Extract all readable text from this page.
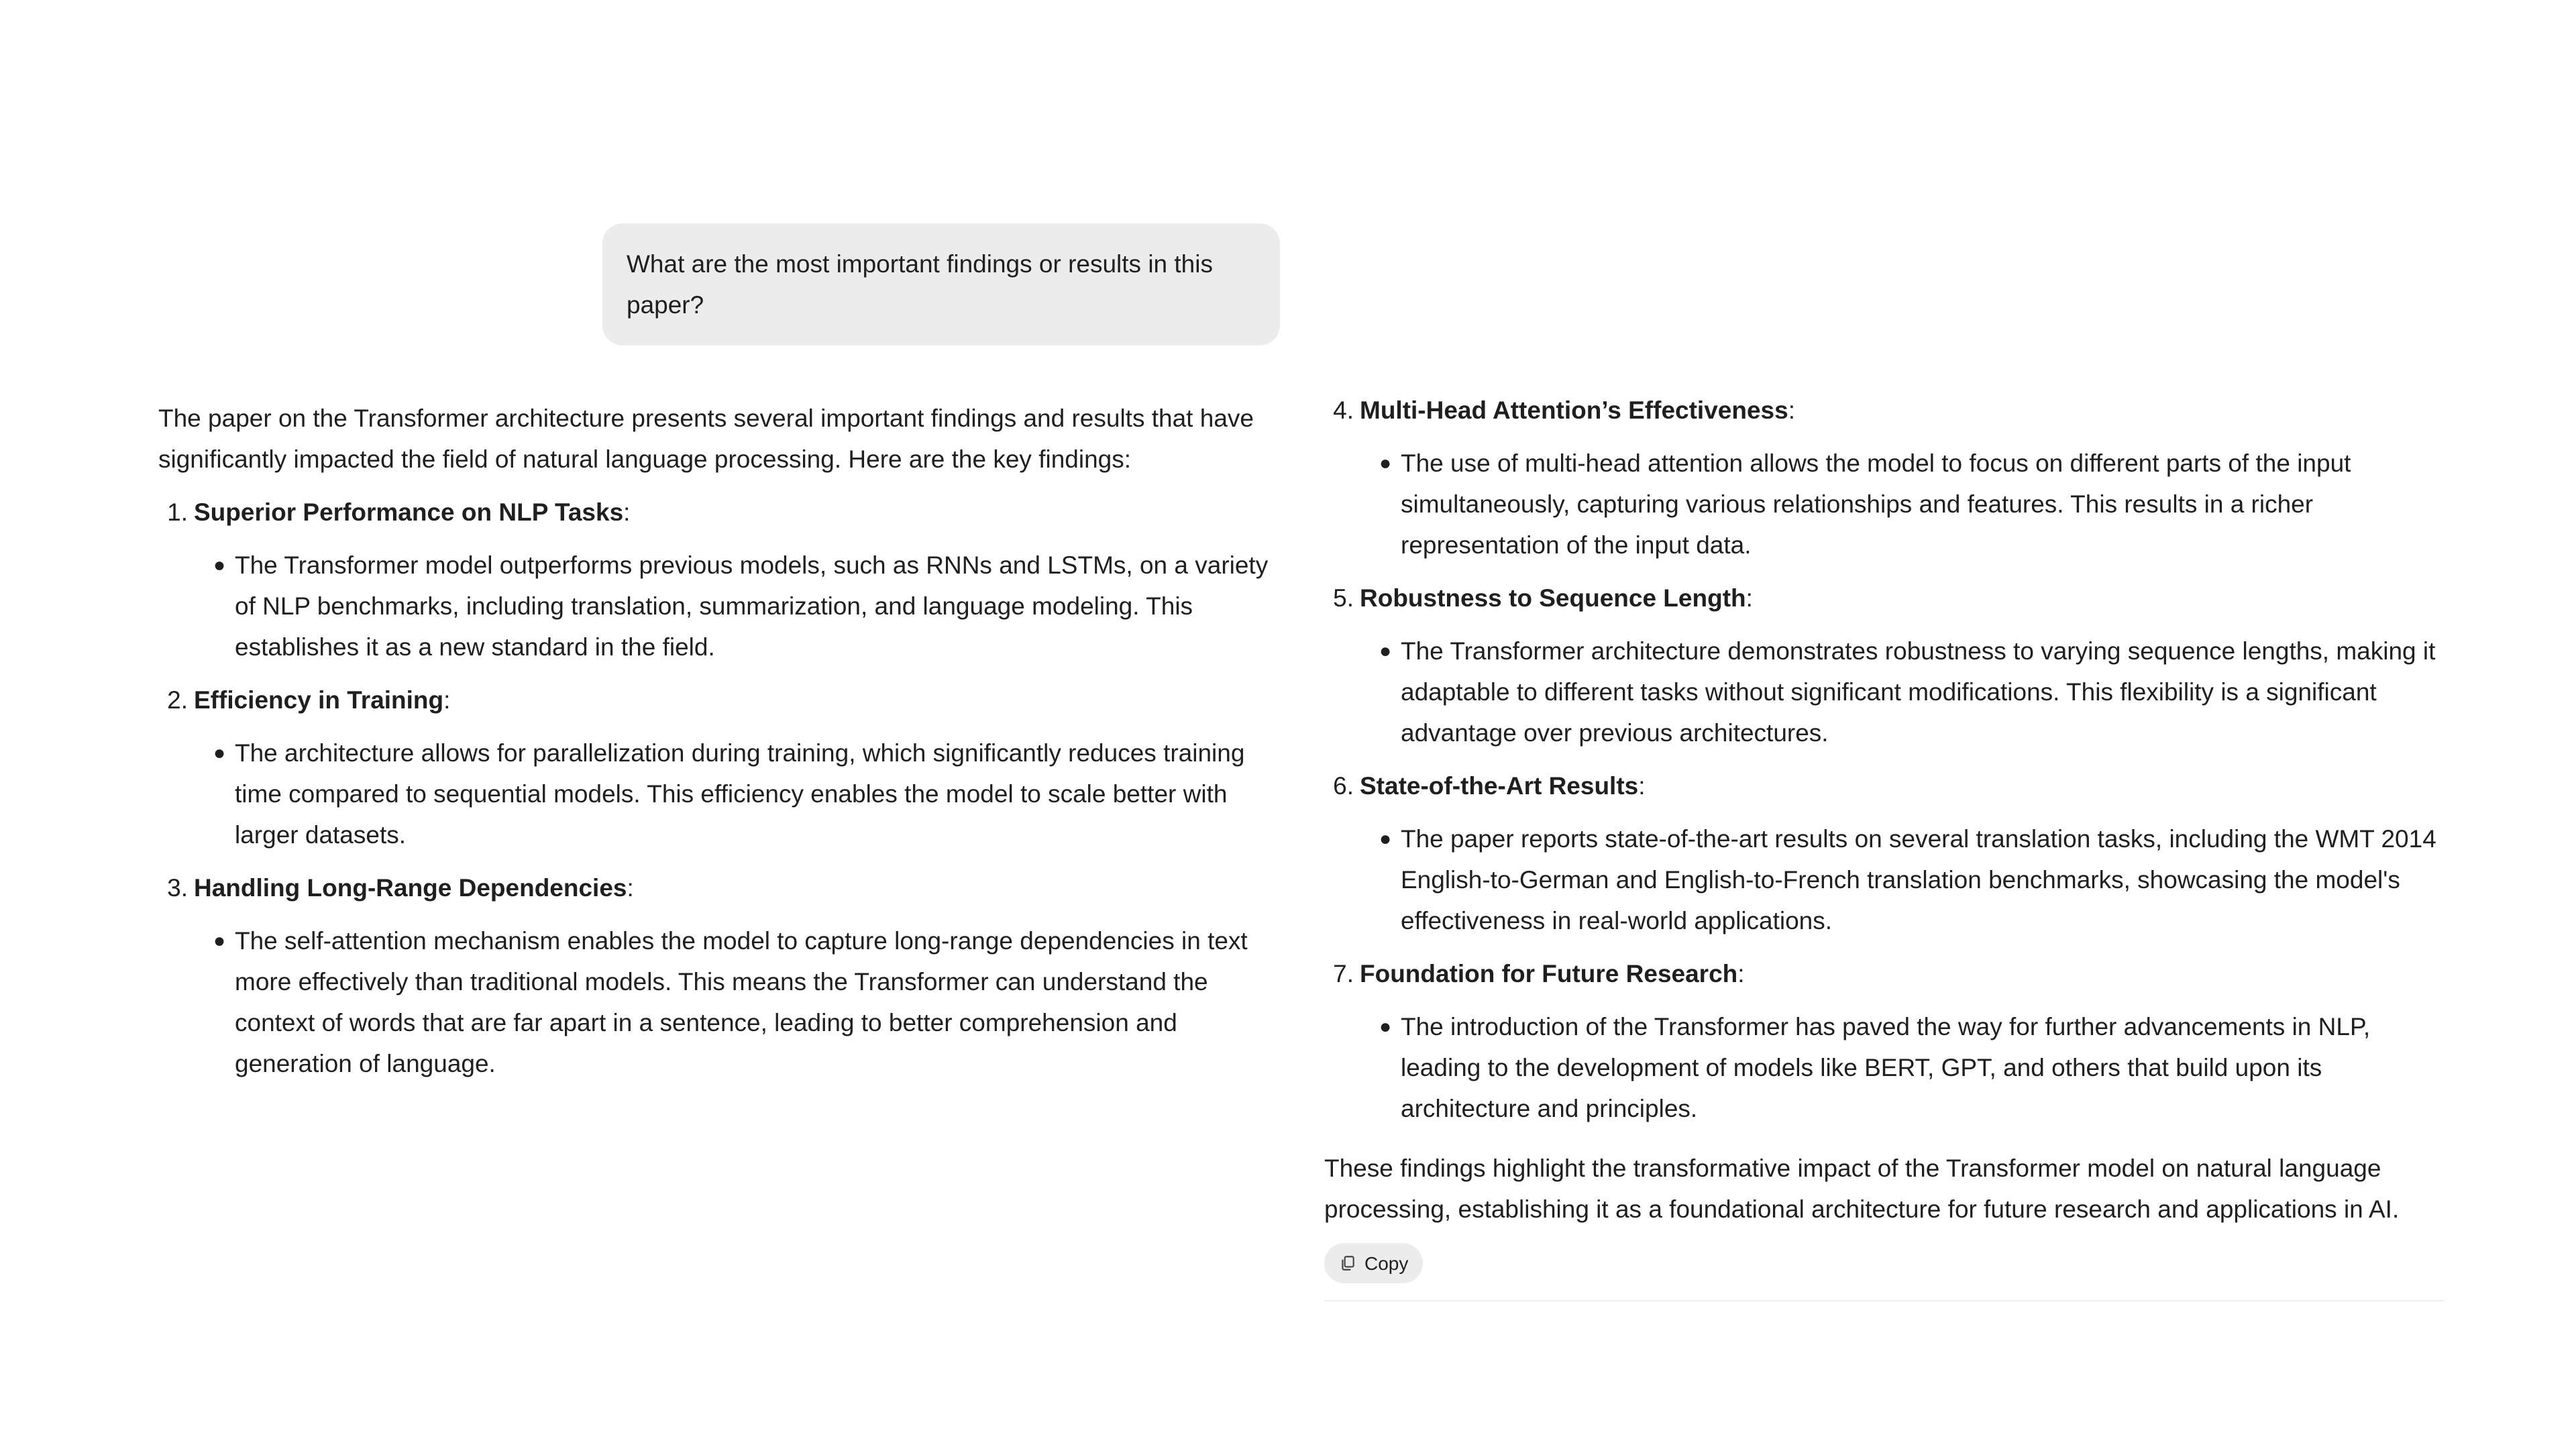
What are the most important findings or results in this paper?

The paper on the Transformer architecture presents several important findings and results that have significantly impacted the field of natural language processing. Here are the key findings:

1. Superior Performance on NLP Tasks:
● The Transformer model outperforms previous models, such as RNNs and LSTMs, on a variety of NLP benchmarks, including translation, summarization, and language modeling. This establishes it as a new standard in the field.
2. Efficiency in Training:
● The architecture allows for parallelization during training, which significantly reduces training time compared to sequential models. This efficiency enables the model to scale better with larger datasets.
3. Handling Long-Range Dependencies:
● The self-attention mechanism enables the model to capture long-range dependencies in text more effectively than traditional models. This means the Transformer can understand the context of words that are far apart in a sentence, leading to better comprehension and generation of language.
4. Multi-Head Attention’s Effectiveness:
● The use of multi-head attention allows the model to focus on different parts of the input simultaneously, capturing various relationships and features. This results in a richer representation of the input data.
5. Robustness to Sequence Length:
● The Transformer architecture demonstrates robustness to varying sequence lengths, making it adaptable to different tasks without significant modifications. This flexibility is a significant advantage over previous architectures.
6. State-of-the-Art Results:
● The paper reports state-of-the-art results on several translation tasks, including the WMT 2014 English-to-German and English-to-French translation benchmarks, showcasing the model's effectiveness in real-world applications.
7. Foundation for Future Research:
● The introduction of the Transformer has paved the way for further advancements in NLP, leading to the development of models like BERT, GPT, and others that build upon its architecture and principles.

These findings highlight the transformative impact of the Transformer model on natural language processing, establishing it as a foundational architecture for future research and applications in AI.

Copy
